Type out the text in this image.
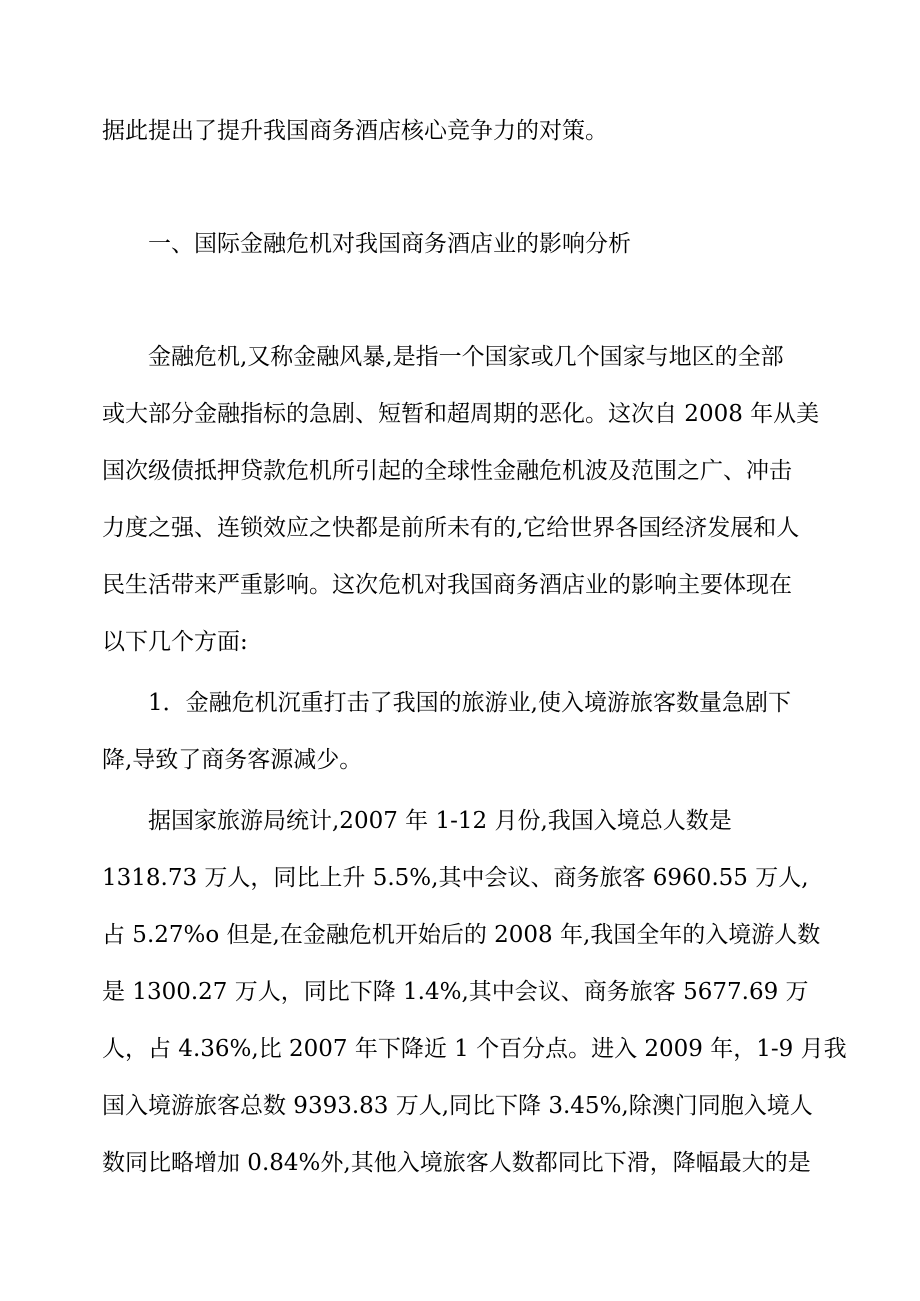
据此提出了提升我国商务酒店核心竞争力的对策。
一、国际金融危机对我国商务酒店业的影响分析
金融危机,又称金融风暴,是指一个国家或几个国家与地区的全部
或大部分金融指标的急剧、短暂和超周期的恶化。这次自 2008 年从美
国次级债抵押贷款危机所引起的全球性金融危机波及范围之广、冲击
力度之强、连锁效应之快都是前所未有的,它给世界各国经济发展和人
民生活带来严重影响。这次危机对我国商务酒店业的影响主要体现在
以下几个方面:
1．金融危机沉重打击了我国的旅游业,使入境游旅客数量急剧下
降,导致了商务客源减少。
据国家旅游局统计,2007 年 1-12 月份,我国入境总人数是
1318.73 万人，同比上升 5.5%,其中会议、商务旅客 6960.55 万人,
占 5.27%o 但是,在金融危机开始后的 2008 年,我国全年的入境游人数
是 1300.27 万人，同比下降 1.4%,其中会议、商务旅客 5677.69 万
人，占 4.36%,比 2007 年下降近 1 个百分点。进入 2009 年，1-9 月我
国入境游旅客总数 9393.83 万人,同比下降 3.45%,除澳门同胞入境人
数同比略增加 0.84%外,其他入境旅客人数都同比下滑，降幅最大的是
